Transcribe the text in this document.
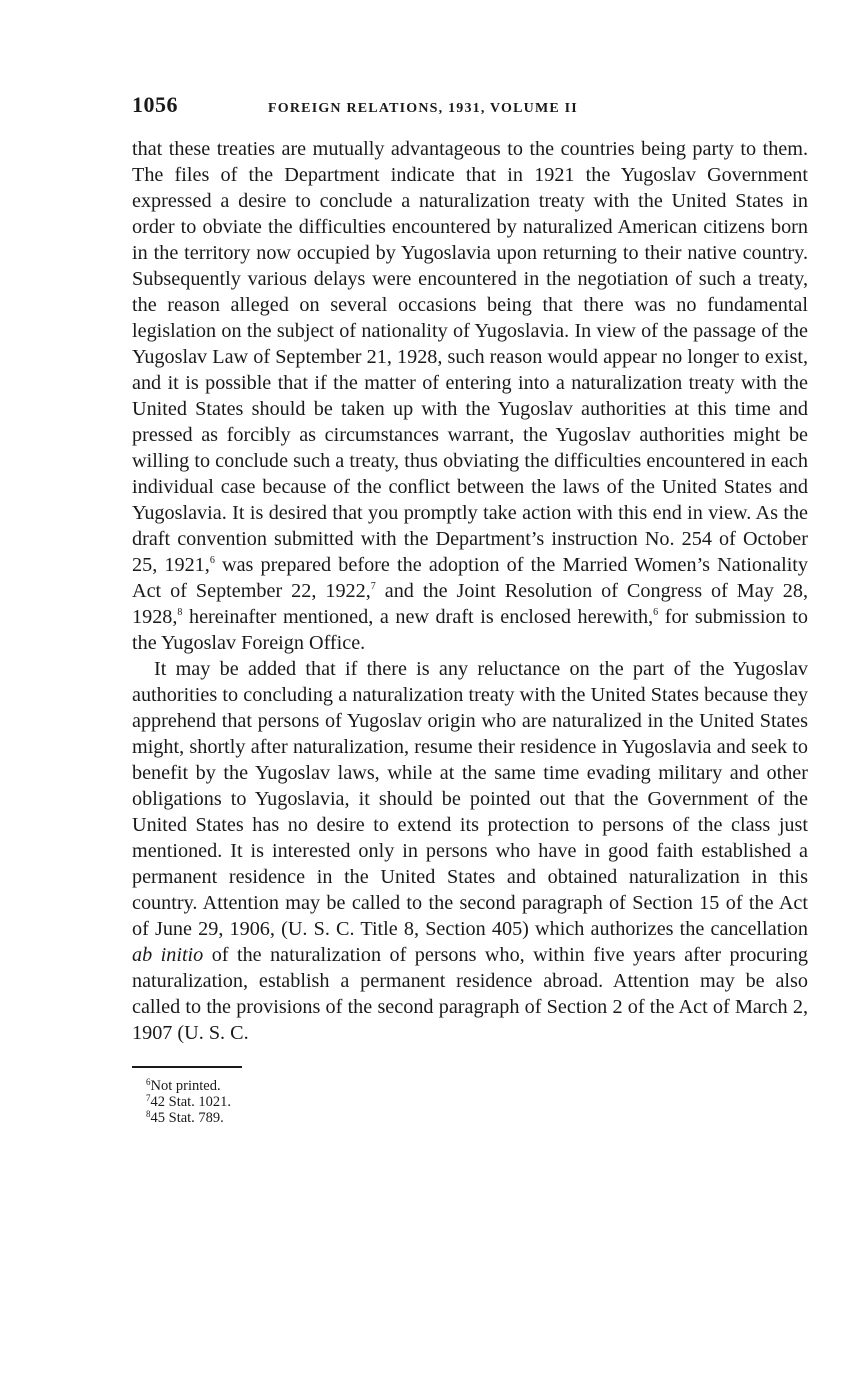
1056	FOREIGN RELATIONS, 1931, VOLUME II

that these treaties are mutually advantageous to the countries being party to them. The files of the Department indicate that in 1921 the Yugoslav Government expressed a desire to conclude a naturalization treaty with the United States in order to obviate the difficulties encountered by naturalized American citizens born in the territory now occupied by Yugoslavia upon returning to their native country. Subsequently various delays were encountered in the negotiation of such a treaty, the reason alleged on several occasions being that there was no fundamental legislation on the subject of nationality of Yugoslavia. In view of the passage of the Yugoslav Law of September 21, 1928, such reason would appear no longer to exist, and it is possible that if the matter of entering into a naturalization treaty with the United States should be taken up with the Yugoslav authorities at this time and pressed as forcibly as circumstances warrant, the Yugoslav authorities might be willing to conclude such a treaty, thus obviating the difficulties encountered in each individual case because of the conflict between the laws of the United States and Yugoslavia. It is desired that you promptly take action with this end in view. As the draft convention submitted with the Department’s instruction No. 254 of October 25, 1921,$^6$ was prepared before the adoption of the Married Women’s Nationality Act of September 22, 1922,$^7$ and the Joint Resolution of Congress of May 28, 1928,$^8$ hereinafter mentioned, a new draft is enclosed herewith,$^6$ for submission to the Yugoslav Foreign Office.

It may be added that if there is any reluctance on the part of the Yugoslav authorities to concluding a naturalization treaty with the United States because they apprehend that persons of Yugoslav origin who are naturalized in the United States might, shortly after naturalization, resume their residence in Yugoslavia and seek to benefit by the Yugoslav laws, while at the same time evading military and other obligations to Yugoslavia, it should be pointed out that the Government of the United States has no desire to extend its protection to persons of the class just mentioned. It is interested only in persons who have in good faith established a permanent residence in the United States and obtained naturalization in this country. Attention may be called to the second paragraph of Section 15 of the Act of June 29, 1906, (U. S. C. Title 8, Section 405) which authorizes the cancellation ab initio of the naturalization of persons who, within five years after procuring naturalization, establish a permanent residence abroad. Attention may be also called to the provisions of the second paragraph of Section 2 of the Act of March 2, 1907 (U. S. C.

$^6$Not printed.
$^7$42 Stat. 1021.
$^8$45 Stat. 789.
